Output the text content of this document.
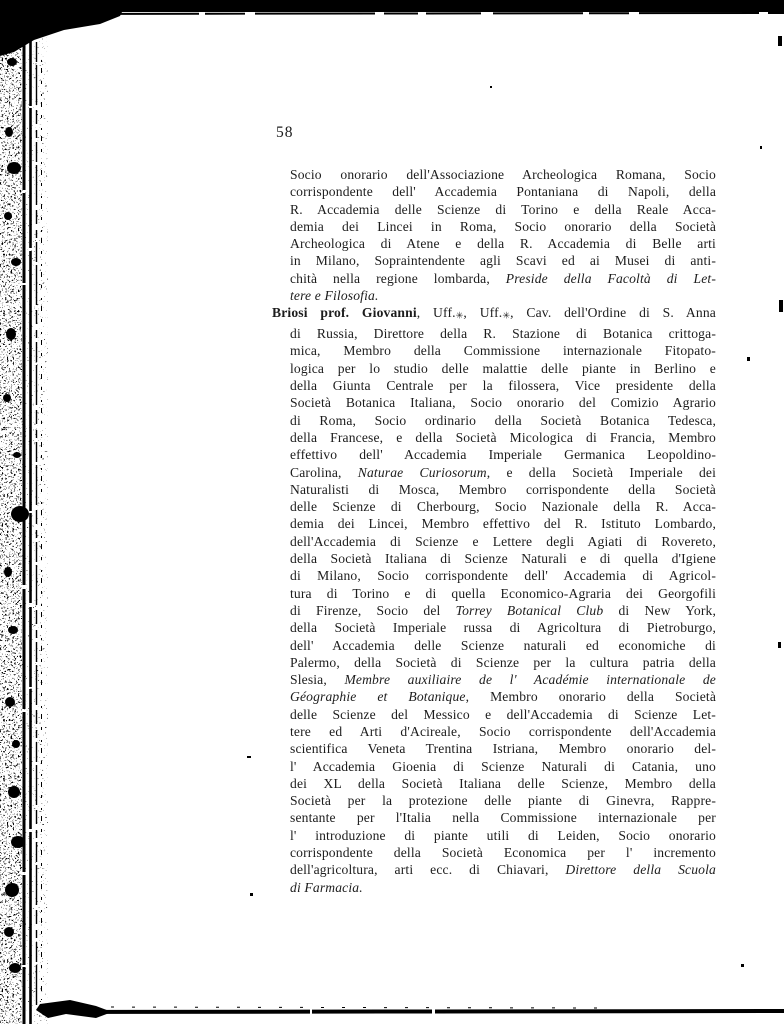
58
Socio onorario dell'Associazione Archeologica Romana, Socio
corrispondente dell' Accademia Pontaniana di Napoli, della
R. Accademia delle Scienze di Torino e della Reale Acca-
demia dei Lincei in Roma, Socio onorario della Società
Archeologica di Atene e della R. Accademia di Belle arti
in Milano, Sopraintendente agli Scavi ed ai Musei di anti-
chità nella regione lombarda, Preside della Facoltà di Let-
tere e Filosofia.
Briosi prof. Giovanni, Uff.✳, Uff.✳, Cav. dell'Ordine di S. Anna
di Russia, Direttore della R. Stazione di Botanica crittoga-
mica, Membro della Commissione internazionale Fitopato-
logica per lo studio delle malattie delle piante in Berlino e
della Giunta Centrale per la filossera, Vice presidente della
Società Botanica Italiana, Socio onorario del Comizio Agrario
di Roma, Socio ordinario della Società Botanica Tedesca,
della Francese, e della Società Micologica di Francia, Membro
effettivo dell' Accademia Imperiale Germanica Leopoldino-
Carolina, Naturae Curiosorum, e della Società Imperiale dei
Naturalisti di Mosca, Membro corrispondente della Società
delle Scienze di Cherbourg, Socio Nazionale della R. Acca-
demia dei Lincei, Membro effettivo del R. Istituto Lombardo,
dell'Accademia di Scienze e Lettere degli Agiati di Rovereto,
della Società Italiana di Scienze Naturali e di quella d'Igiene
di Milano, Socio corrispondente dell' Accademia di Agricol-
tura di Torino e di quella Economico-Agraria dei Georgofili
di Firenze, Socio del Torrey Botanical Club di New York,
della Società Imperiale russa di Agricoltura di Pietroburgo,
dell' Accademia delle Scienze naturali ed economiche di
Palermo, della Società di Scienze per la cultura patria della
Slesia, Membre auxiliaire de l' Académie internationale de
Géographie et Botanique, Membro onorario della Società
delle Scienze del Messico e dell'Accademia di Scienze Let-
tere ed Arti d'Acireale, Socio corrispondente dell'Accademia
scientifica Veneta Trentina Istriana, Membro onorario del-
l' Accademia Gioenia di Scienze Naturali di Catania, uno
dei XL della Società Italiana delle Scienze, Membro della
Società per la protezione delle piante di Ginevra, Rappre-
sentante per l'Italia nella Commissione internazionale per
l' introduzione di piante utili di Leiden, Socio onorario
corrispondente della Società Economica per l' incremento
dell'agricoltura, arti ecc. di Chiavari, Direttore della Scuola
di Farmacia.
